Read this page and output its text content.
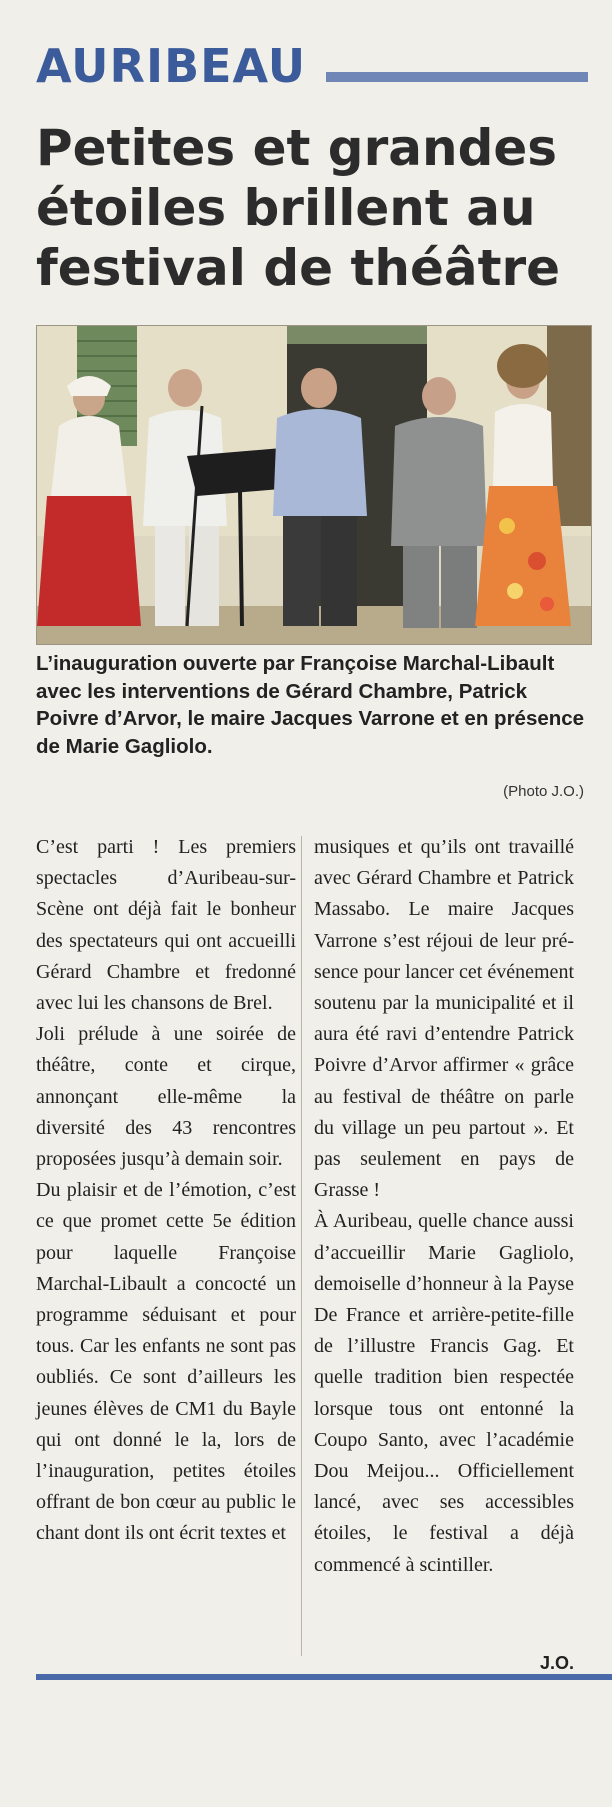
AURIBEAU
Petites et grandes étoiles brillent au festival de théâtre
L’inauguration ouverte par Françoise Marchal-Libault avec les interventions de Gérard Chambre, Patrick Poivre d’Arvor, le maire Jacques Varrone et en présence de Marie Gagliolo.
(Photo J.O.)

C’est parti ! Les premiers spectacles d’Auribeau-sur-Scène ont déjà fait le bonheur des spectateurs qui ont accueilli Gérard Chambre et fredonné avec lui les chansons de Brel.

Joli prélude à une soirée de théâtre, conte et cirque, annonçant elle-même la diversité des 43 rencontres proposées jusqu’à demain soir.

Du plaisir et de l’émotion, c’est ce que promet cette 5e édition pour laquelle Françoise Marchal-Libault a concocté un programme séduisant et pour tous. Car les enfants ne sont pas oubliés. Ce sont d’ailleurs les jeunes élèves de CM1 du Bayle qui ont donné le la, lors de l’inauguration, petites étoiles offrant de bon cœur au public le chant dont ils ont écrit textes et

musiques et qu’ils ont travaillé avec Gérard Chambre et Patrick Massabo. Le maire Jacques Varrone s’est réjoui de leur présence pour lancer cet événement soutenu par la municipalité et il aura été ravi d’entendre Patrick Poivre d’Arvor affirmer « grâce au festival de théâtre on parle du village un peu partout ». Et pas seulement en pays de Grasse !

À Auribeau, quelle chance aussi d’accueillir Marie Gagliolo, demoiselle d’honneur à la Payse De France et arrière-petite-fille de l’illustre Francis Gag. Et quelle tradition bien respectée lorsque tous ont entonné la Coupo Santo, avec l’académie Dou Meijou... Officiellement lancé, avec ses accessibles étoiles, le festival a déjà commencé à scintiller.

J.O.
